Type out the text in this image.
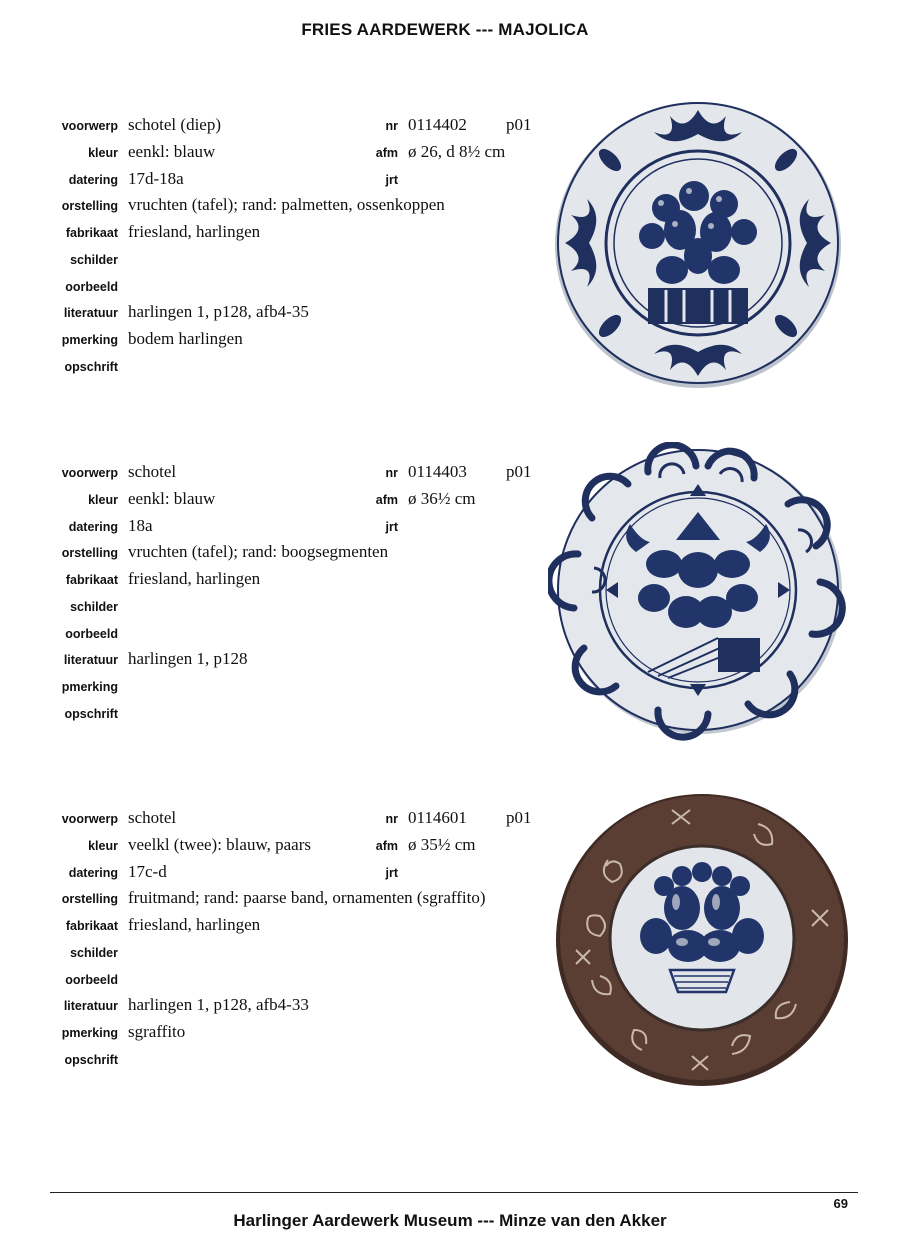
FRIES AARDEWERK --- MAJOLICA
voorwerp schotel (diep)	nr 0114402 p01
kleur eenkl: blauw	afm ø 26, d 8½ cm
datering 17d-18a	jrt
orstelling vruchten (tafel); rand: palmetten, ossenkoppen
fabrikaat friesland, harlingen
schilder
oorbeeld
literatuur harlingen 1, p128, afb4-35
pmerking bodem harlingen
opschrift
voorwerp schotel	nr 0114403 p01
kleur eenkl: blauw	afm ø 36½ cm
datering 18a	jrt
orstelling vruchten (tafel); rand: boogsegmenten
fabrikaat friesland, harlingen
schilder
oorbeeld
literatuur harlingen 1, p128
pmerking
opschrift
voorwerp schotel	nr 0114601 p01
kleur veelkl (twee): blauw, paars	afm ø 35½ cm
datering 17c-d	jrt
orstelling fruitmand; rand: paarse band, ornamenten (sgraffito)
fabrikaat friesland, harlingen
schilder
oorbeeld
literatuur harlingen 1, p128, afb4-33
pmerking sgraffito
opschrift
69
Harlinger Aardewerk Museum --- Minze van den Akker
